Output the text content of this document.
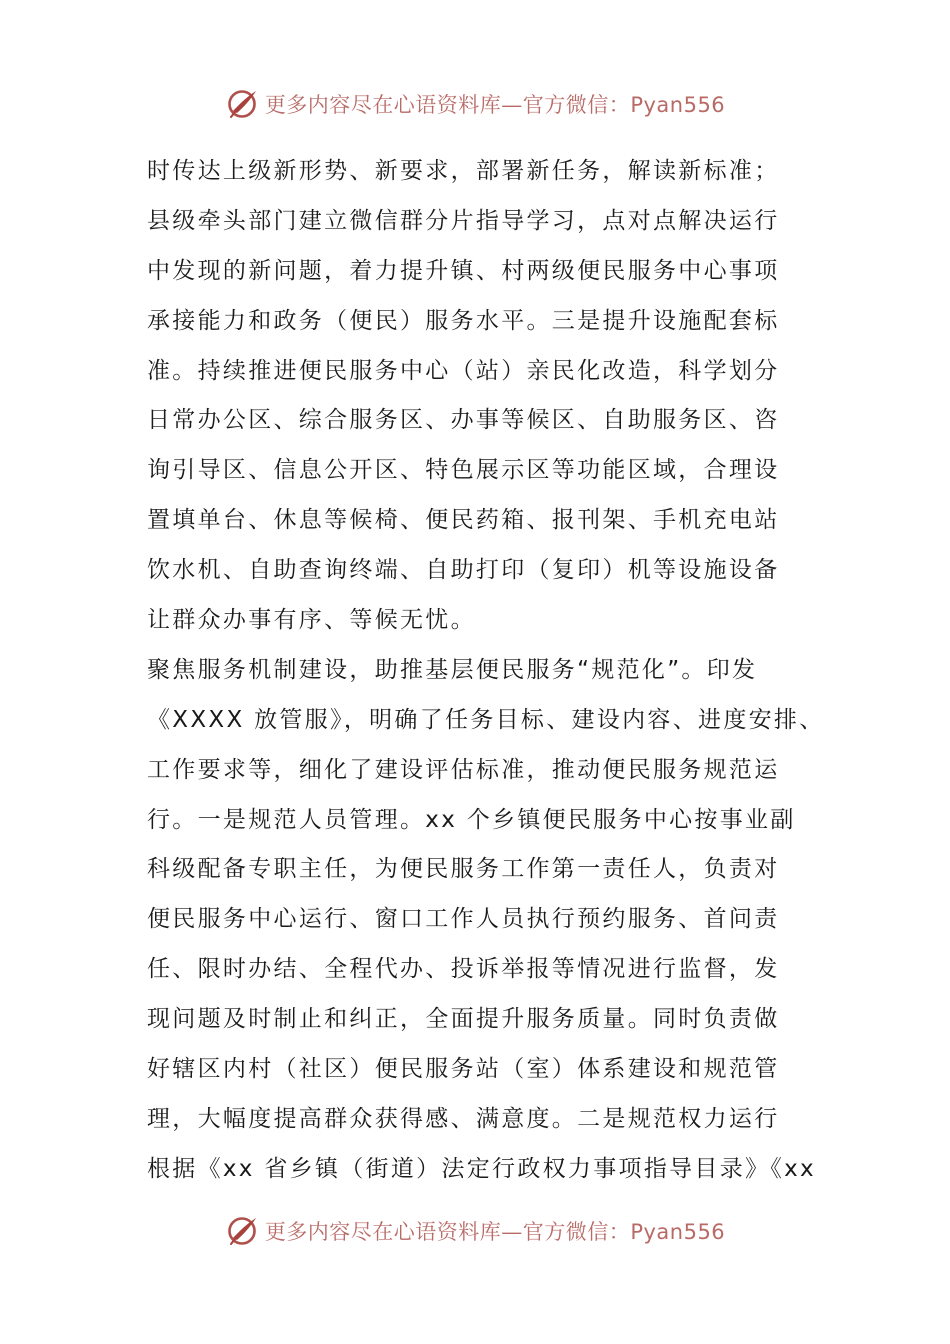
更多内容尽在心语资料库—官方微信：Pyan556
时传达上级新形势、新要求，部署新任务，解读新标准；
县级牵头部门建立微信群分片指导学习，点对点解决运行
中发现的新问题，着力提升镇、村两级便民服务中心事项
承接能力和政务（便民）服务水平。三是提升设施配套标
准。持续推进便民服务中心（站）亲民化改造，科学划分
日常办公区、综合服务区、办事等候区、自助服务区、咨
询引导区、信息公开区、特色展示区等功能区域，合理设
置填单台、休息等候椅、便民药箱、报刊架、手机充电站
饮水机、自助查询终端、自助打印（复印）机等设施设备
让群众办事有序、等候无忧。
聚焦服务机制建设，助推基层便民服务“规范化”。印发
《XXXX 放管服》，明确了任务目标、建设内容、进度安排、
工作要求等，细化了建设评估标准，推动便民服务规范运
行。一是规范人员管理。xx 个乡镇便民服务中心按事业副
科级配备专职主任，为便民服务工作第一责任人，负责对
便民服务中心运行、窗口工作人员执行预约服务、首问责
任、限时办结、全程代办、投诉举报等情况进行监督，发
现问题及时制止和纠正，全面提升服务质量。同时负责做
好辖区内村（社区）便民服务站（室）体系建设和规范管
理，大幅度提高群众获得感、满意度。二是规范权力运行
根据《xx 省乡镇（街道）法定行政权力事项指导目录》《xx
更多内容尽在心语资料库—官方微信：Pyan556
